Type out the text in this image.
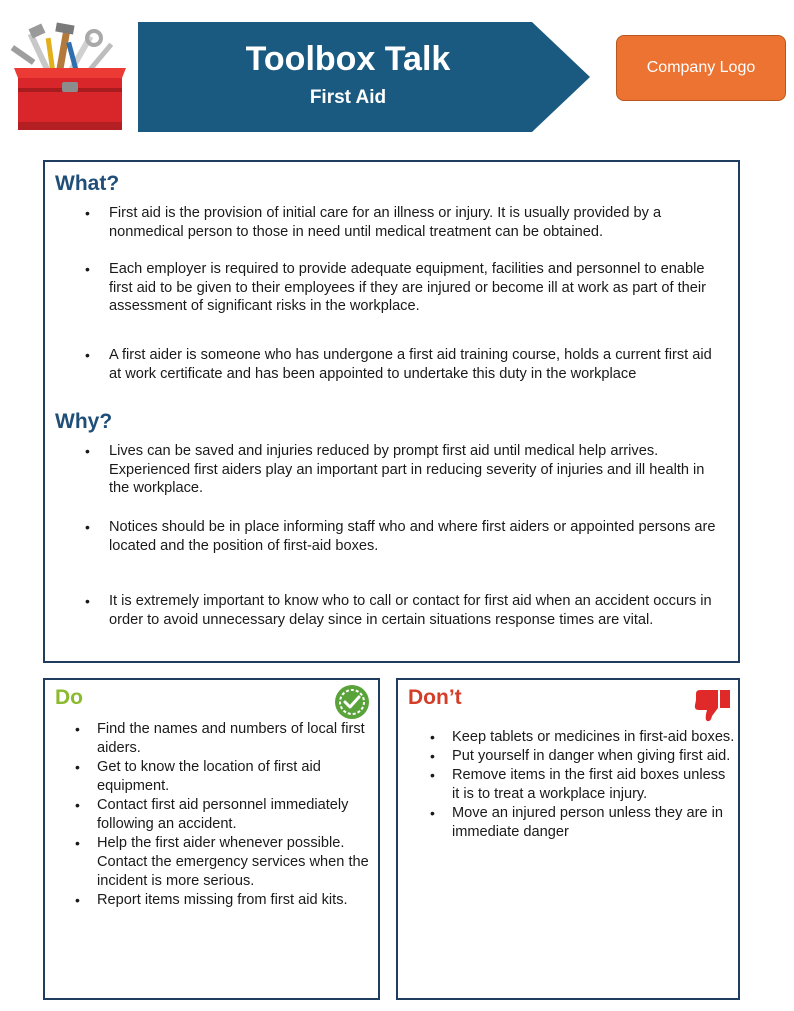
Toolbox Talk
First Aid
Company Logo
What?
• First aid is the provision of initial care for an illness or injury. It is usually provided by a nonmedical person to those in need until medical treatment can be obtained.
• Each employer is required to provide adequate equipment, facilities and personnel to enable first aid to be given to their employees if they are injured or become ill at work as part of their assessment of significant risks in the workplace.
• A first aider is someone who has undergone a first aid training course, holds a current first aid at work certificate and has been appointed to undertake this duty in the workplace
Why?
• Lives can be saved and injuries reduced by prompt first aid until medical help arrives. Experienced first aiders play an important part in reducing severity of injuries and ill health in the workplace.
• Notices should be in place informing staff who and where first aiders or appointed persons are located and the position of first-aid boxes.
• It is extremely important to know who to call or contact for first aid when an accident occurs in order to avoid unnecessary delay since in certain situations response times are vital.
Do
• Find the names and numbers of local first aiders.
• Get to know the location of first aid equipment.
• Contact first aid personnel immediately following an accident.
• Help the first aider whenever possible. Contact the emergency services when the incident is more serious.
• Report items missing from first aid kits.
Don’t
• Keep tablets or medicines in first-aid boxes.
• Put yourself in danger when giving first aid.
• Remove items in the first aid boxes unless it is to treat a workplace injury.
• Move an injured person unless they are in immediate danger
